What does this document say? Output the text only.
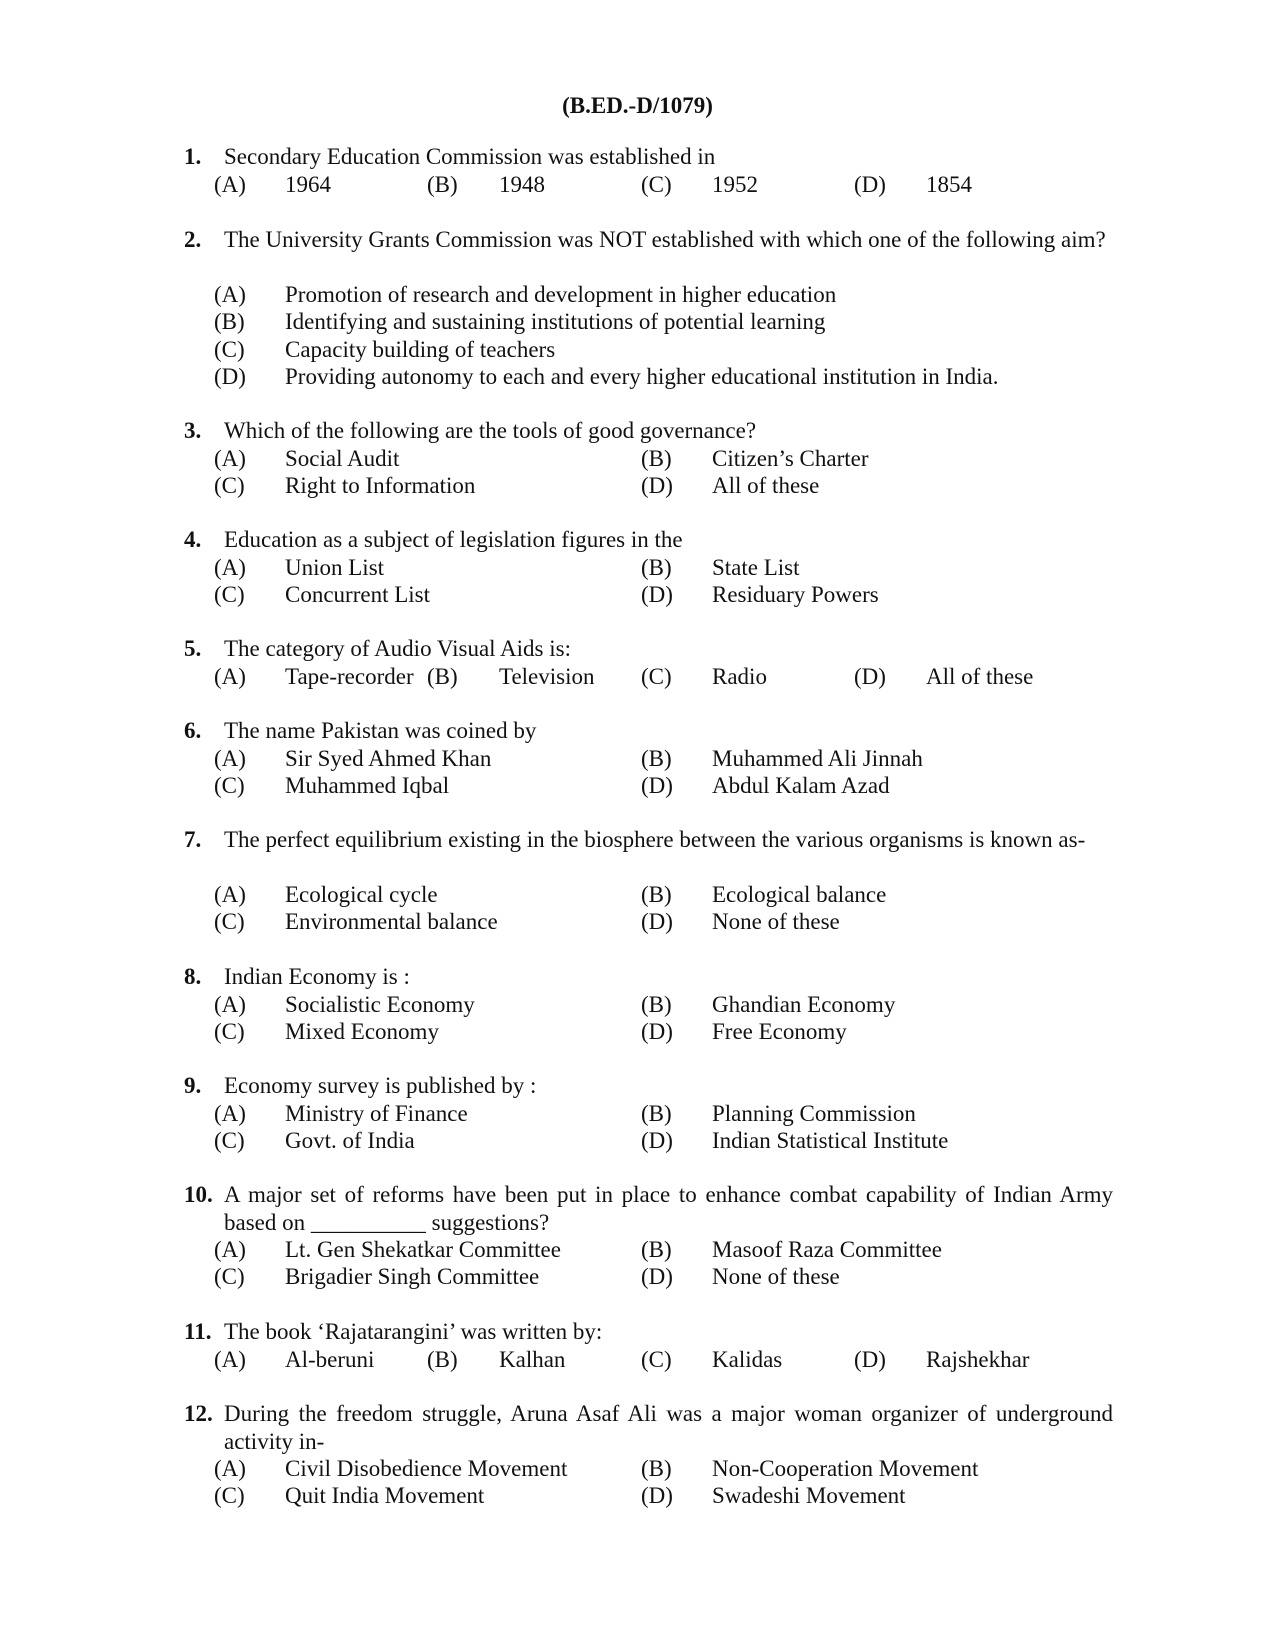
(B.ED.-D/1079)
1. Secondary Education Commission was established in
(A) 1964	(B) 1948	(C) 1952	(D) 1854
2. The University Grants Commission was NOT established with which one of the following aim?
(A) Promotion of research and development in higher education
(B) Identifying and sustaining institutions of potential learning
(C) Capacity building of teachers
(D) Providing autonomy to each and every higher educational institution in India.
3. Which of the following are the tools of good governance?
(A) Social Audit	(B) Citizen’s Charter
(C) Right to Information	(D) All of these
4. Education as a subject of legislation figures in the
(A) Union List	(B) State List
(C) Concurrent List	(D) Residuary Powers
5. The category of Audio Visual Aids is:
(A) Tape-recorder (B) Television (C) Radio	(D) All of these
6. The name Pakistan was coined by
(A) Sir Syed Ahmed Khan	(B) Muhammed Ali Jinnah
(C) Muhammed Iqbal	(D) Abdul Kalam Azad
7. The perfect equilibrium existing in the biosphere between the various organisms is known as-
(A) Ecological cycle	(B) Ecological balance
(C) Environmental balance	(D) None of these
8. Indian Economy is :
(A) Socialistic Economy	(B) Ghandian Economy
(C) Mixed Economy	(D) Free Economy
9. Economy survey is published by :
(A) Ministry of Finance	(B) Planning Commission
(C) Govt. of India	(D) Indian Statistical Institute
10. A major set of reforms have been put in place to enhance combat capability of Indian Army based on __________ suggestions?
(A) Lt. Gen Shekatkar Committee	(B) Masoof Raza Committee
(C) Brigadier Singh Committee	(D) None of these
11. The book ‘Rajatarangini’ was written by:
(A) Al-beruni (B) Kalhan	(C) Kalidas	(D) Rajshekhar
12. During the freedom struggle, Aruna Asaf Ali was a major woman organizer of underground activity in-
(A) Civil Disobedience Movement	(B) Non-Cooperation Movement
(C) Quit India Movement	(D) Swadeshi Movement
